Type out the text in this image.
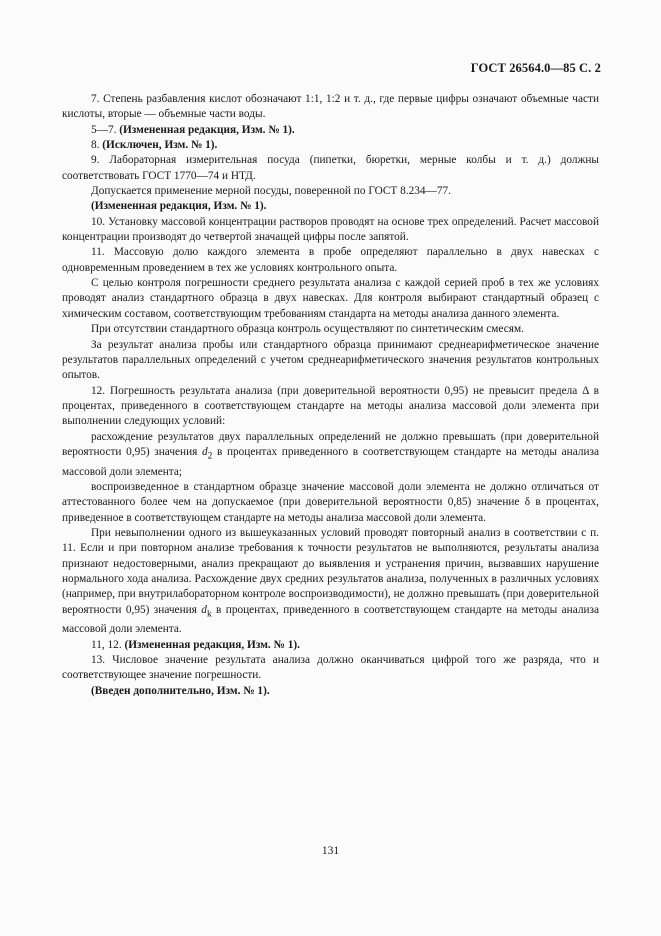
ГОСТ 26564.0—85 С. 2

7. Степень разбавления кислот обозначают 1:1, 1:2 и т. д., где первые цифры означают объемные части кислоты, вторые — объемные части воды.

5—7. (Измененная редакция, Изм. № 1).

8. (Исключен, Изм. № 1).

9. Лабораторная измерительная посуда (пипетки, бюретки, мерные колбы и т. д.) должны соответствовать ГОСТ 1770—74 и НТД.

Допускается применение мерной посуды, поверенной по ГОСТ 8.234—77.

(Измененная редакция, Изм. № 1).

10. Установку массовой концентрации растворов проводят на основе трех определений. Расчет массовой концентрации производят до четвертой значащей цифры после запятой.

11. Массовую долю каждого элемента в пробе определяют параллельно в двух навесках с одновременным проведением в тех же условиях контрольного опыта.

С целью контроля погрешности среднего результата анализа с каждой серией проб в тех же условиях проводят анализ стандартного образца в двух навесках. Для контроля выбирают стандартный образец с химическим составом, соответствующим требованиям стандарта на методы анализа данного элемента.

При отсутствии стандартного образца контроль осуществляют по синтетическим смесям.

За результат анализа пробы или стандартного образца принимают среднеарифметическое значение результатов параллельных определений с учетом среднеарифметического значения результатов контрольных опытов.

12. Погрешность результата анализа (при доверительной вероятности 0,95) не превысит предела Δ в процентах, приведенного в соответствующем стандарте на методы анализа массовой доли элемента при выполнении следующих условий:

расхождение результатов двух параллельных определений не должно превышать (при доверительной вероятности 0,95) значения $d_2$ в процентах приведенного в соответствующем стандарте на методы анализа массовой доли элемента;

воспроизведенное в стандартном образце значение массовой доли элемента не должно отличаться от аттестованного более чем на допускаемое (при доверительной вероятности 0,85) значение δ в процентах, приведенное в соответствующем стандарте на методы анализа массовой доли элемента.

При невыполнении одного из вышеуказанных условий проводят повторный анализ в соответствии с п. 11. Если и при повторном анализе требования к точности результатов не выполняются, результаты анализа признают недостоверными, анализ прекращают до выявления и устранения причин, вызвавших нарушение нормального хода анализа. Расхождение двух средних результатов анализа, полученных в различных условиях (например, при внутрилабораторном контроле воспроизводимости), не должно превышать (при доверительной вероятности 0,95) значения $d_k$ в процентах, приведенного в соответствующем стандарте на методы анализа массовой доли элемента.

11, 12. (Измененная редакция, Изм. № 1).

13. Числовое значение результата анализа должно оканчиваться цифрой того же разряда, что и соответствующее значение погрешности.

(Введен дополнительно, Изм. № 1).

131
